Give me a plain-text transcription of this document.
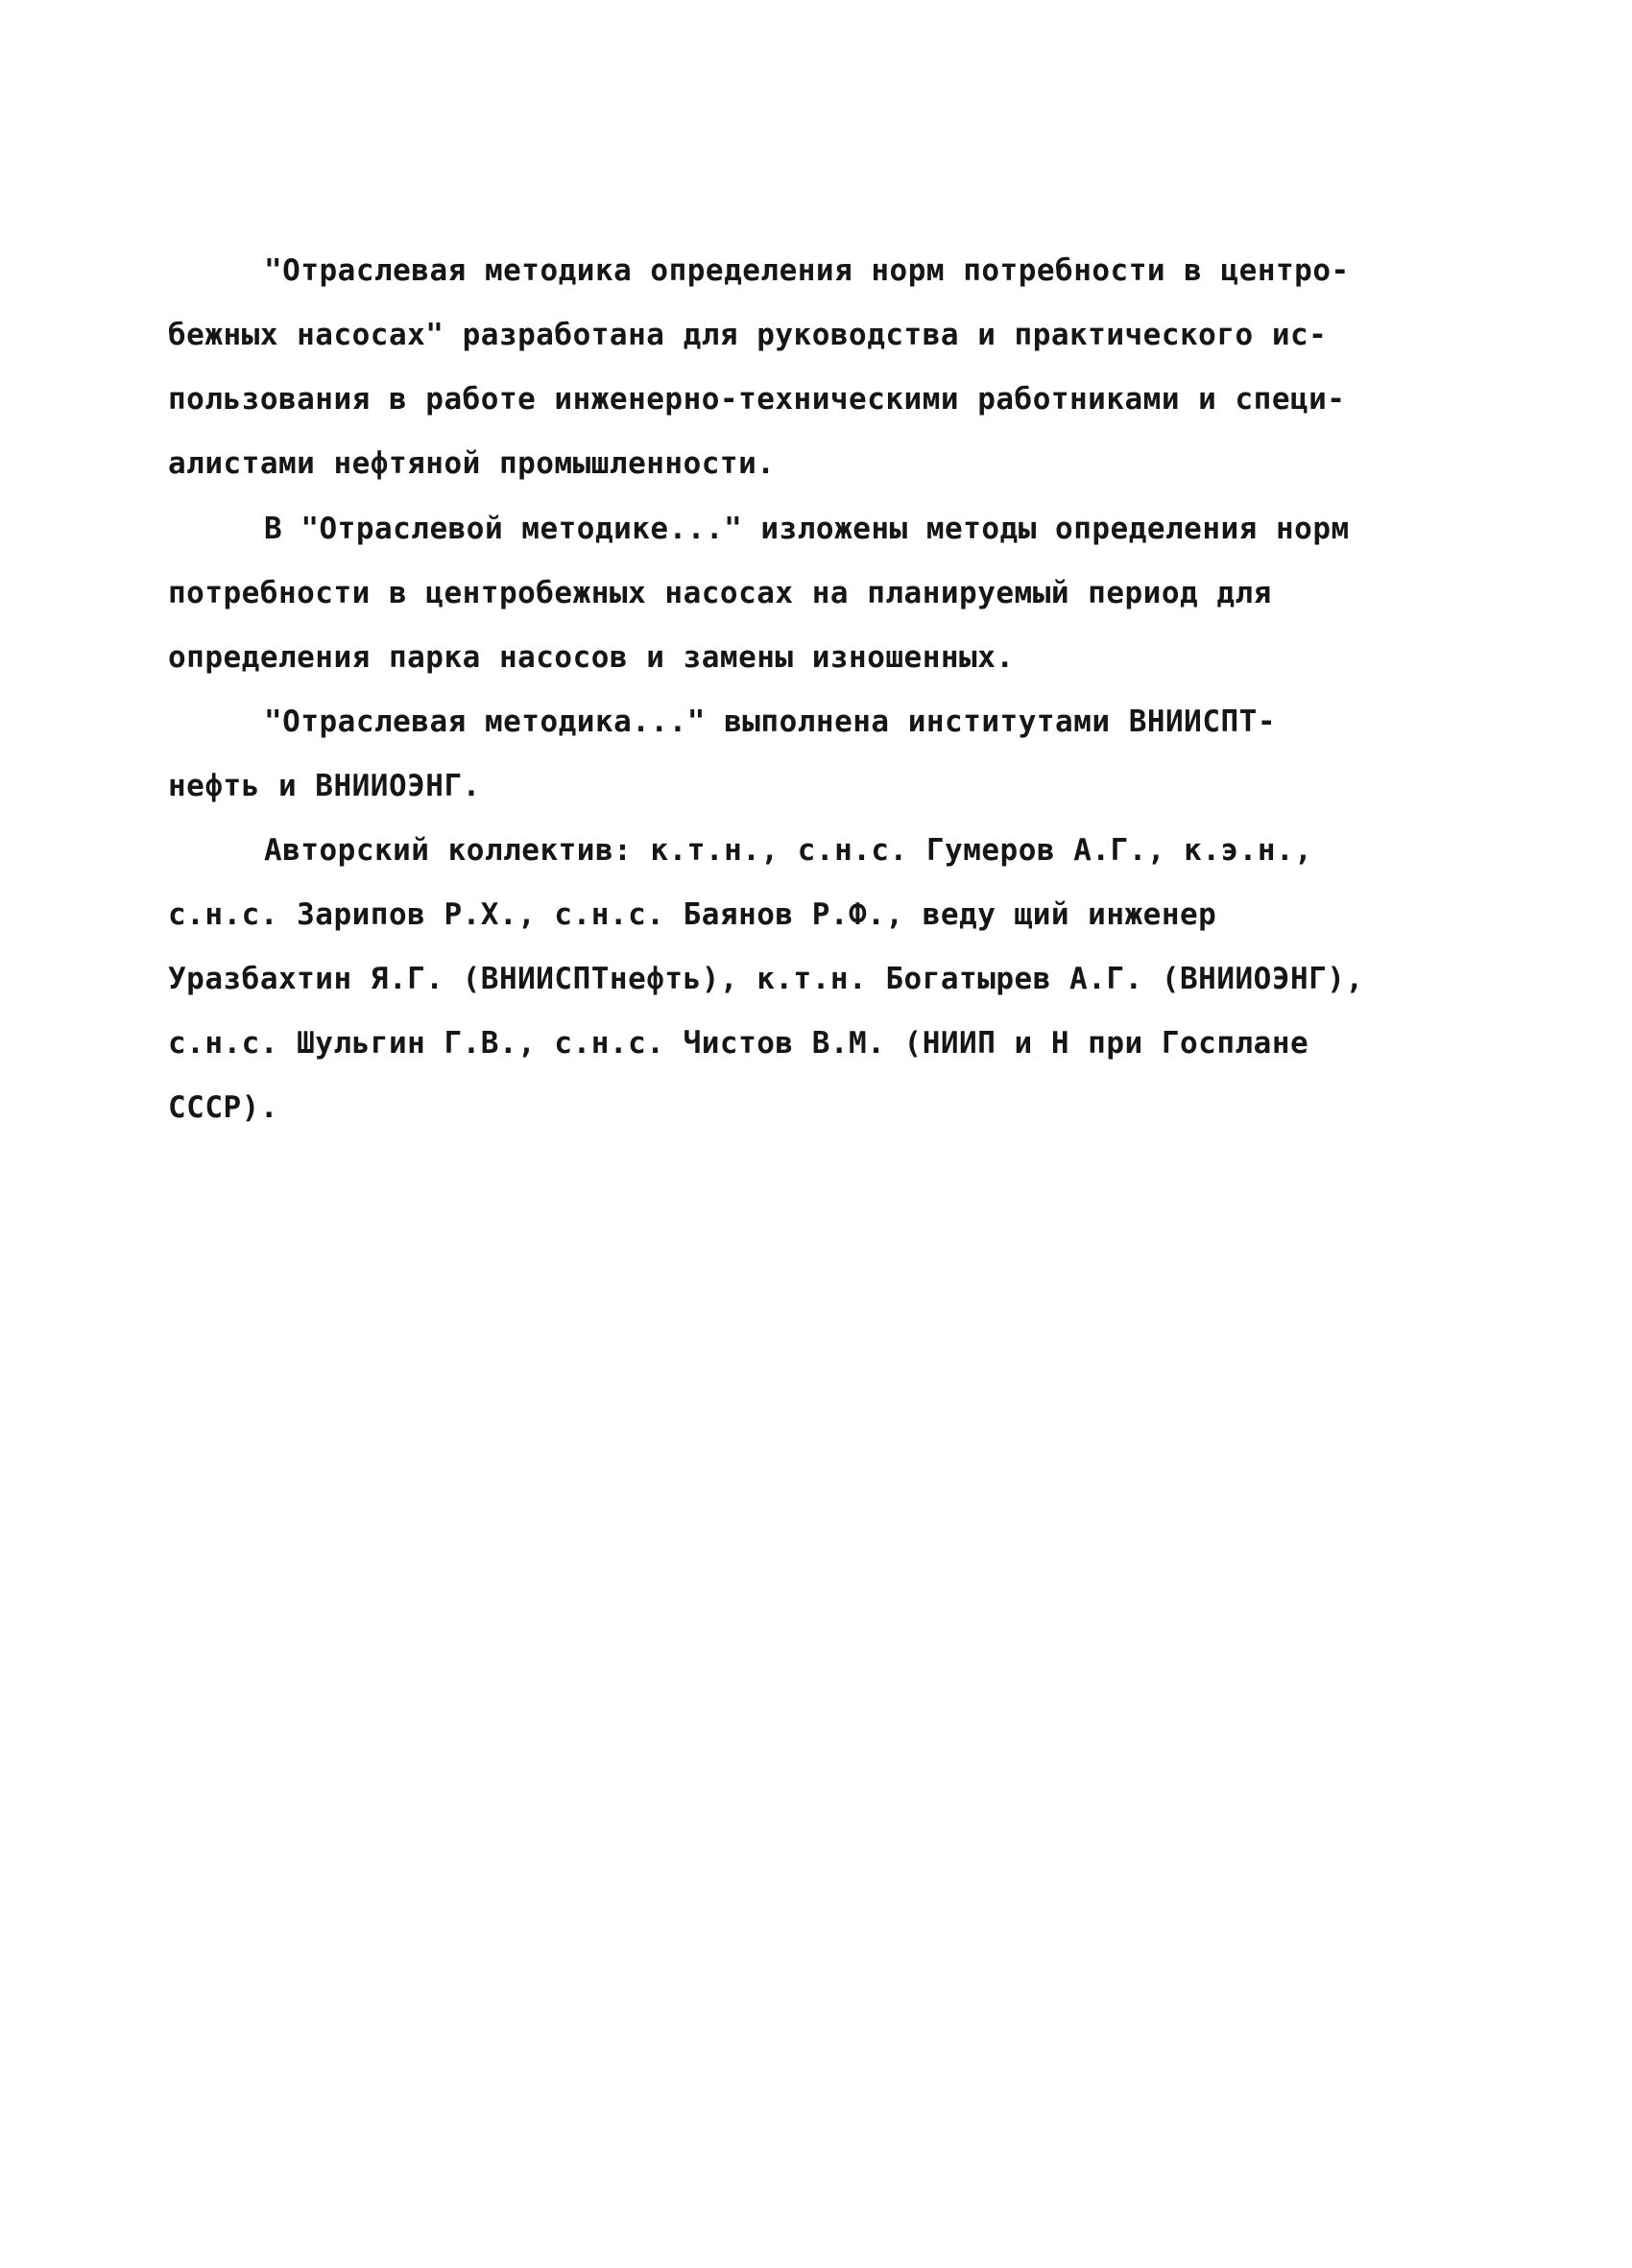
"Отраслевая методика определения норм потребности в центро-
бежных насосах" разработана для руководства и практического ис-
пользования в работе инженерно-техническими работниками и специ-
алистами нефтяной промышленности.
В "Отраслевой методике..." изложены методы определения норм
потребности в центробежных насосах на планируемый период для
определения парка насосов и замены изношенных.
"Отраслевая методика..." выполнена институтами ВНИИСПТ-
нефть и ВНИИОЭНГ.
Авторский коллектив: к.т.н., с.н.с. Гумеров А.Г., к.э.н.,
с.н.с. Зарипов Р.Х., с.н.с. Баянов Р.Ф., веду щий инженер
Уразбахтин Я.Г. (ВНИИСПТнефть), к.т.н. Богатырев А.Г. (ВНИИОЭНГ),
с.н.с. Шульгин Г.В., с.н.с. Чистов В.М. (НИИП и Н при Госплане
СССР).
